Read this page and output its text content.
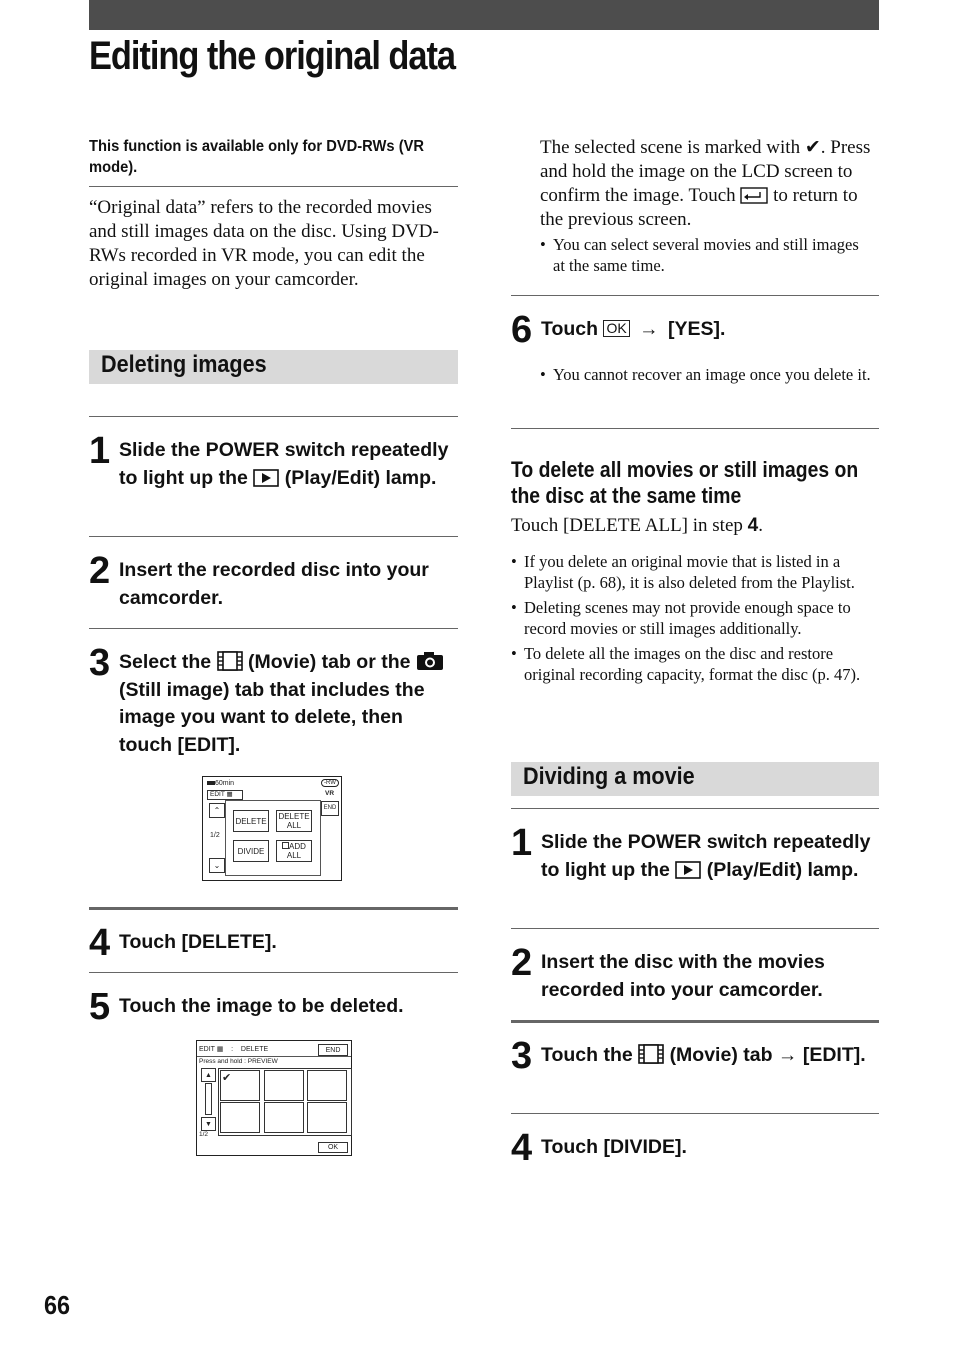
Editing the original data
This function is available only for DVD-RWs (VR mode).
“Original data” refers to the recorded movies and still images data on the disc. Using DVD-RWs recorded in VR mode, you can edit the original images on your camcorder.
Deleting images
1 Slide the POWER switch repeatedly to light up the (Play/Edit) lamp.
2 Insert the recorded disc into your camcorder.
3 Select the (Movie) tab or the  (Still image) tab that includes the image you want to delete, then touch [EDIT].
60min	-RW
VR
EDIT ▦
END
⌃
1/2
⌄
DELETE	DELETE
ALL
DIVIDE	ADD
ALL
4 Touch [DELETE].
5 Touch the image to be deleted.
EDIT ▦    : DELETE	END
Press and hold : PREVIEW
▲
▼
1/2
✔
OK
The selected scene is marked with ✔. Press and hold the image on the LCD screen to confirm the image. Touch to return to the previous screen.
• You can select several movies and still images at the same time.
6 Touch OK → [YES].
• You cannot recover an image once you delete it.
To delete all movies or still images on the disc at the same time
Touch [DELETE ALL] in step 4.
• If you delete an original movie that is listed in a Playlist (p. 68), it is also deleted from the Playlist.
• Deleting scenes may not provide enough space to record movies or still images additionally.
• To delete all the images on the disc and restore original recording capacity, format the disc (p. 47).
Dividing a movie
1 Slide the POWER switch repeatedly to light up the (Play/Edit) lamp.
2 Insert the disc with the movies recorded into your camcorder.
3 Touch the (Movie) tab → [EDIT].
4 Touch [DIVIDE].
66
